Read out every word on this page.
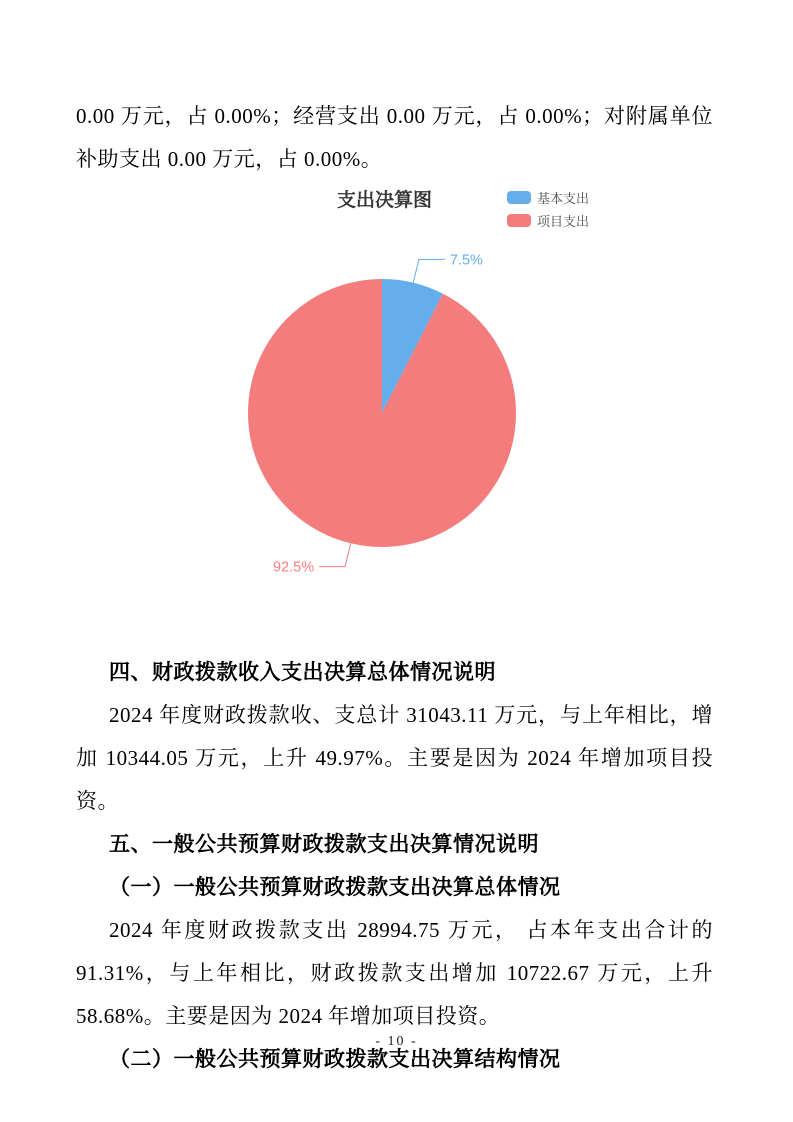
0.00 万元，占 0.00%；经营支出 0.00 万元，占 0.00%；对附属单位补助支出 0.00 万元，占 0.00%。

支出决算图	基本支出
项目支出
7.5%
92.5%
四、财政拨款收入支出决算总体情况说明

2024 年度财政拨款收、支总计 31043.11 万元，与上年相比，增加 10344.05 万元，上升 49.97%。主要是因为 2024 年增加项目投资。

五、一般公共预算财政拨款支出决算情况说明
（一）一般公共预算财政拨款支出决算总体情况

2024 年度财政拨款支出 28994.75 万元， 占本年支出合计的 91.31%，与上年相比，财政拨款支出增加 10722.67 万元，上升 58.68%。主要是因为 2024 年增加项目投资。

（二）一般公共预算财政拨款支出决算结构情况
- 10 -
